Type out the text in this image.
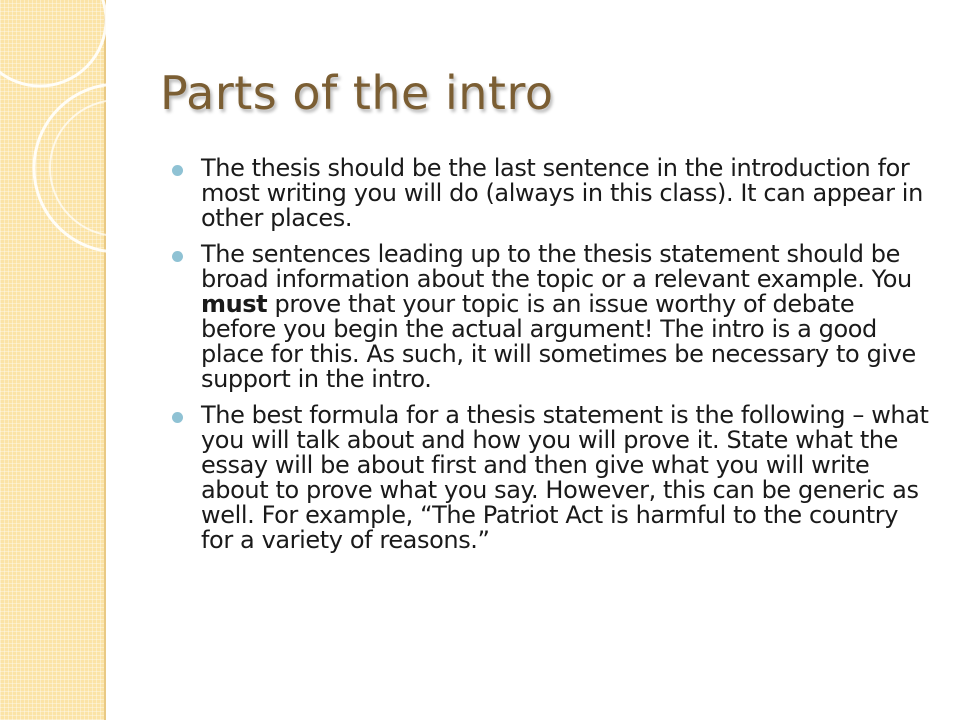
Parts of the intro
The thesis should be the last sentence in the introduction for most writing you will do (always in this class). It can appear in other places.
The sentences leading up to the thesis statement should be broad information about the topic or a relevant example. You must prove that your topic is an issue worthy of debate before you begin the actual argument! The intro is a good place for this. As such, it will sometimes be necessary to give support in the intro.
The best formula for a thesis statement is the following – what you will talk about and how you will prove it. State what the essay will be about first and then give what you will write about to prove what you say. However, this can be generic as well. For example, “The Patriot Act is harmful to the country for a variety of reasons.”
